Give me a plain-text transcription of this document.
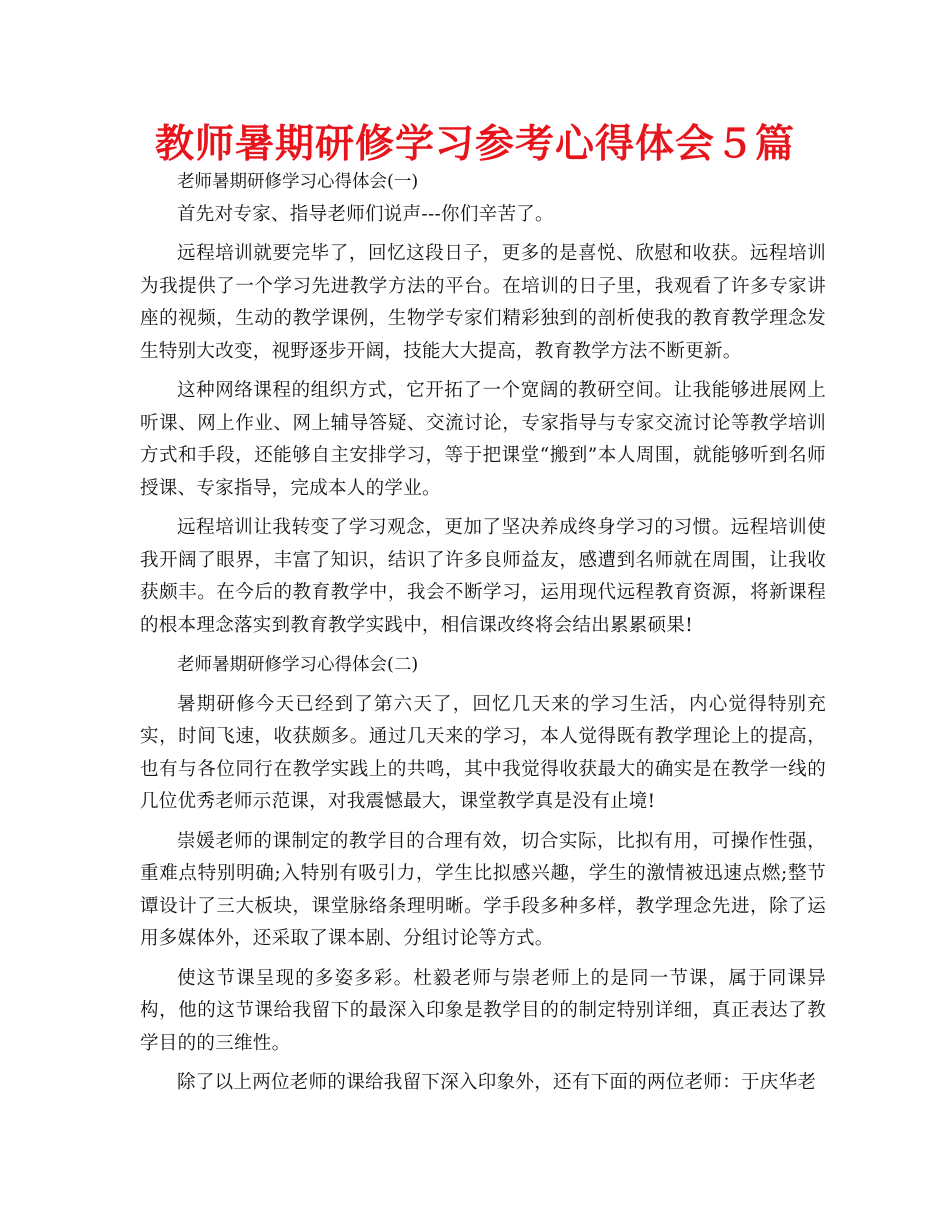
教师暑期研修学习参考心得体会５篇

老师暑期研修学习心得体会(一)

首先对专家、指导老师们说声---你们辛苦了。

远程培训就要完毕了，回忆这段日子，更多的是喜悦、欣慰和收获。远程培训为我提供了一个学习先进教学方法的平台。在培训的日子里，我观看了许多专家讲座的视频，生动的教学课例，生物学专家们精彩独到的剖析使我的教育教学理念发生特别大改变，视野逐步开阔，技能大大提高，教育教学方法不断更新。

这种网络课程的组织方式，它开拓了一个宽阔的教研空间。让我能够进展网上听课、网上作业、网上辅导答疑、交流讨论，专家指导与专家交流讨论等教学培训方式和手段，还能够自主安排学习，等于把课堂“搬到”本人周围，就能够听到名师授课、专家指导，完成本人的学业。

远程培训让我转变了学习观念，更加了坚决养成终身学习的习惯。远程培训使我开阔了眼界，丰富了知识，结识了许多良师益友，感遭到名师就在周围，让我收获颇丰。在今后的教育教学中，我会不断学习，运用现代远程教育资源，将新课程的根本理念落实到教育教学实践中，相信课改终将会结出累累硕果!

老师暑期研修学习心得体会(二)

暑期研修今天已经到了第六天了，回忆几天来的学习生活，内心觉得特别充实，时间飞速，收获颇多。通过几天来的学习，本人觉得既有教学理论上的提高，也有与各位同行在教学实践上的共鸣，其中我觉得收获最大的确实是在教学一线的几位优秀老师示范课，对我震憾最大，课堂教学真是没有止境!

崇媛老师的课制定的教学目的合理有效，切合实际，比拟有用，可操作性强，重难点特别明确;入特别有吸引力，学生比拟感兴趣，学生的激情被迅速点燃;整节谭设计了三大板块，课堂脉络条理明晰。学手段多种多样，教学理念先进，除了运用多媒体外，还采取了课本剧、分组讨论等方式。

使这节课呈现的多姿多彩。杜毅老师与崇老师上的是同一节课，属于同课异构，他的这节课给我留下的最深入印象是教学目的的制定特别详细，真正表达了教学目的的三维性。

除了以上两位老师的课给我留下深入印象外，还有下面的两位老师：于庆华老
